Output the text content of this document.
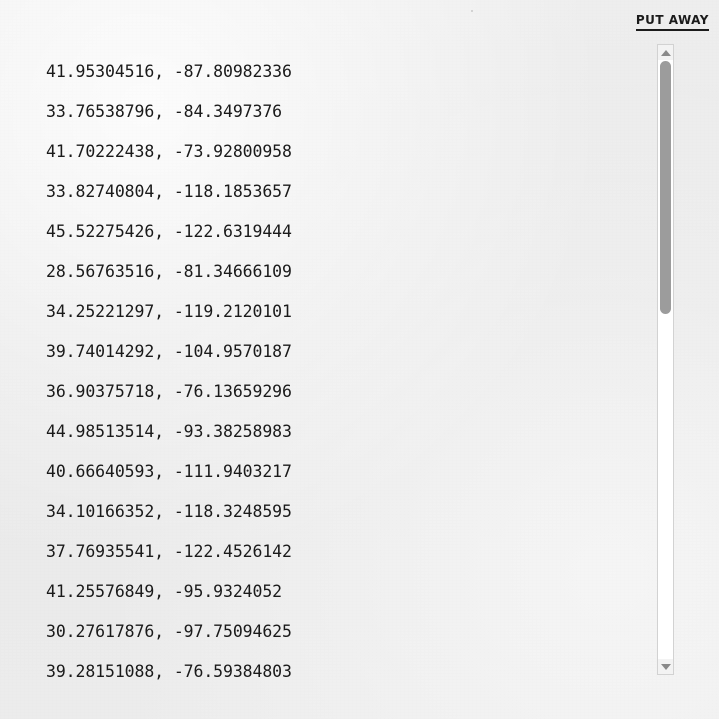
PUT AWAY
41.95304516, -87.80982336
33.76538796, -84.3497376
41.70222438, -73.92800958
33.82740804, -118.1853657
45.52275426, -122.6319444
28.56763516, -81.34666109
34.25221297, -119.2120101
39.74014292, -104.9570187
36.90375718, -76.13659296
44.98513514, -93.38258983
40.66640593, -111.9403217
34.10166352, -118.3248595
37.76935541, -122.4526142
41.25576849, -95.9324052
30.27617876, -97.75094625
39.28151088, -76.59384803
